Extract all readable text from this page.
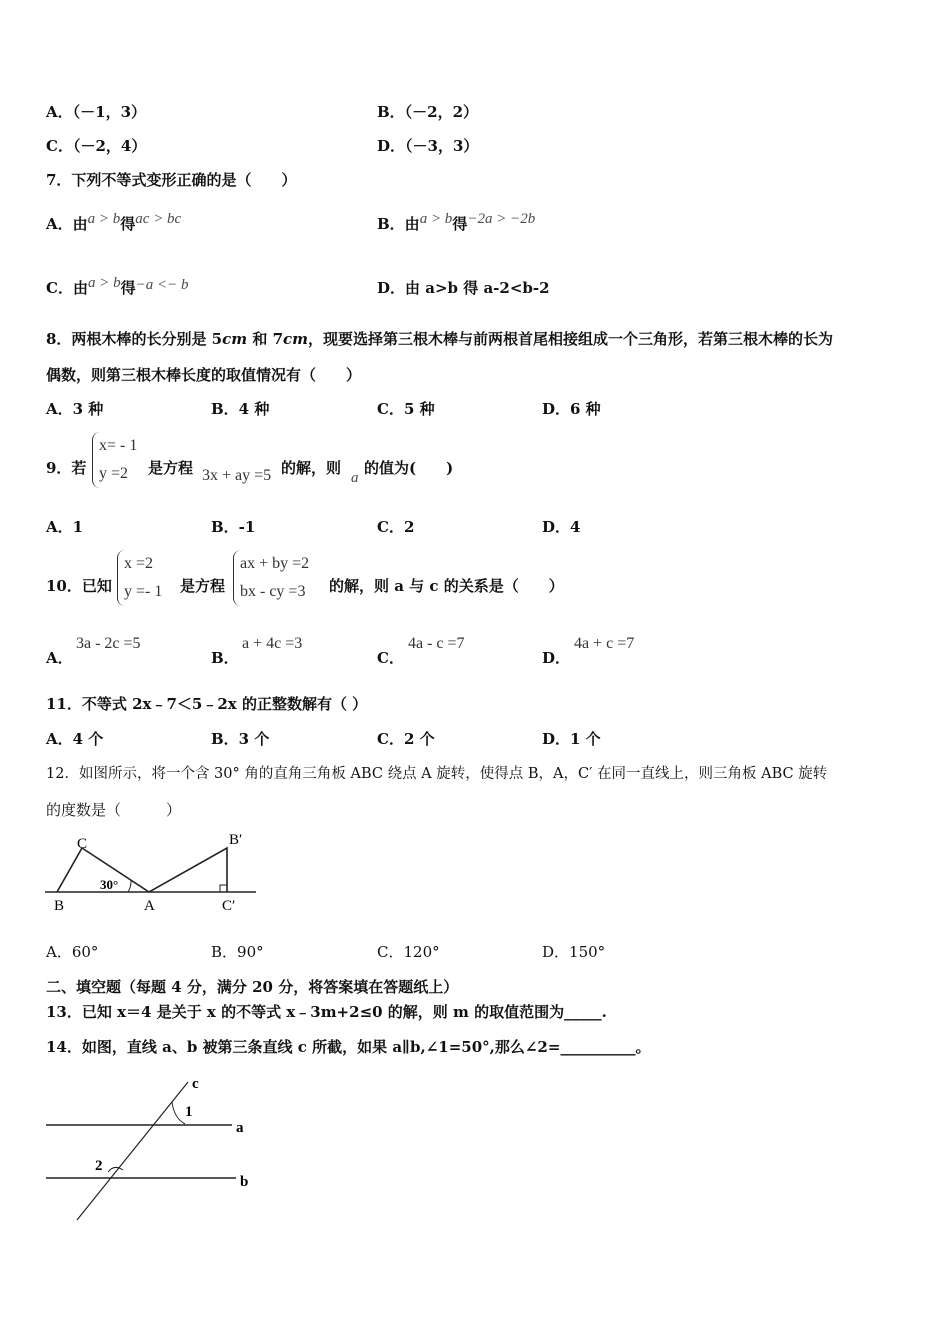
A．（－1，3）	B．（－2，2）
C．（－2，4）	D．（－3，3）
7．下列不等式变形正确的是（　　）
A．由a > b得ac > bc	B．由a > b得−2a > −2b
C．由a > b得−a <− b	D．由 a>b 得 a-2<b-2
8．两根木棒的长分别是 5cm 和 7cm，现要选择第三根木棒与前两根首尾相接组成一个三角形，若第三根木棒的长为
偶数，则第三根木棒长度的取值情况有（　　）
A．3 种	B．4 种	C．5 种	D．6 种
9．若
x= - 1
y =2	是方程 3x + ay =5 的解，则
a
的值为(　　)
A．1	B．-1	C．2	D．4
10．已知
x =2
y =- 1 是方程
ax + by =2
bx - cy =3 的解，则 a 与 c 的关系是（　　）
A．
3a - 2c =5
B．
a + 4c =3
C．
4a - c =7
D．
4a + c =7
11．不等式 2x﹣7＜5﹣2x 的正整数解有（ ）
A．4 个	B．3 个	C．2 个	D．1 个
12．如图所示，将一个含 30° 角的直角三角板 ABC 绕点 A 旋转，使得点 B，A，C′ 在同一直线上，则三角板 ABC 旋转
的度数是（　　　）
C
B	A
B′
C′
30°
A．60°	B．90°	C．120°	D．150°
二、填空题（每题 4 分，满分 20 分，将答案填在答题纸上）
13．已知 x＝4 是关于 x 的不等式 x﹣3m+2≤0 的解，则 m 的取值范围为_____.
14．如图，直线 a、b 被第三条直线 c 所截，如果 a∥b,∠1=50°,那么∠2=__________。
c
1
a
2
b
